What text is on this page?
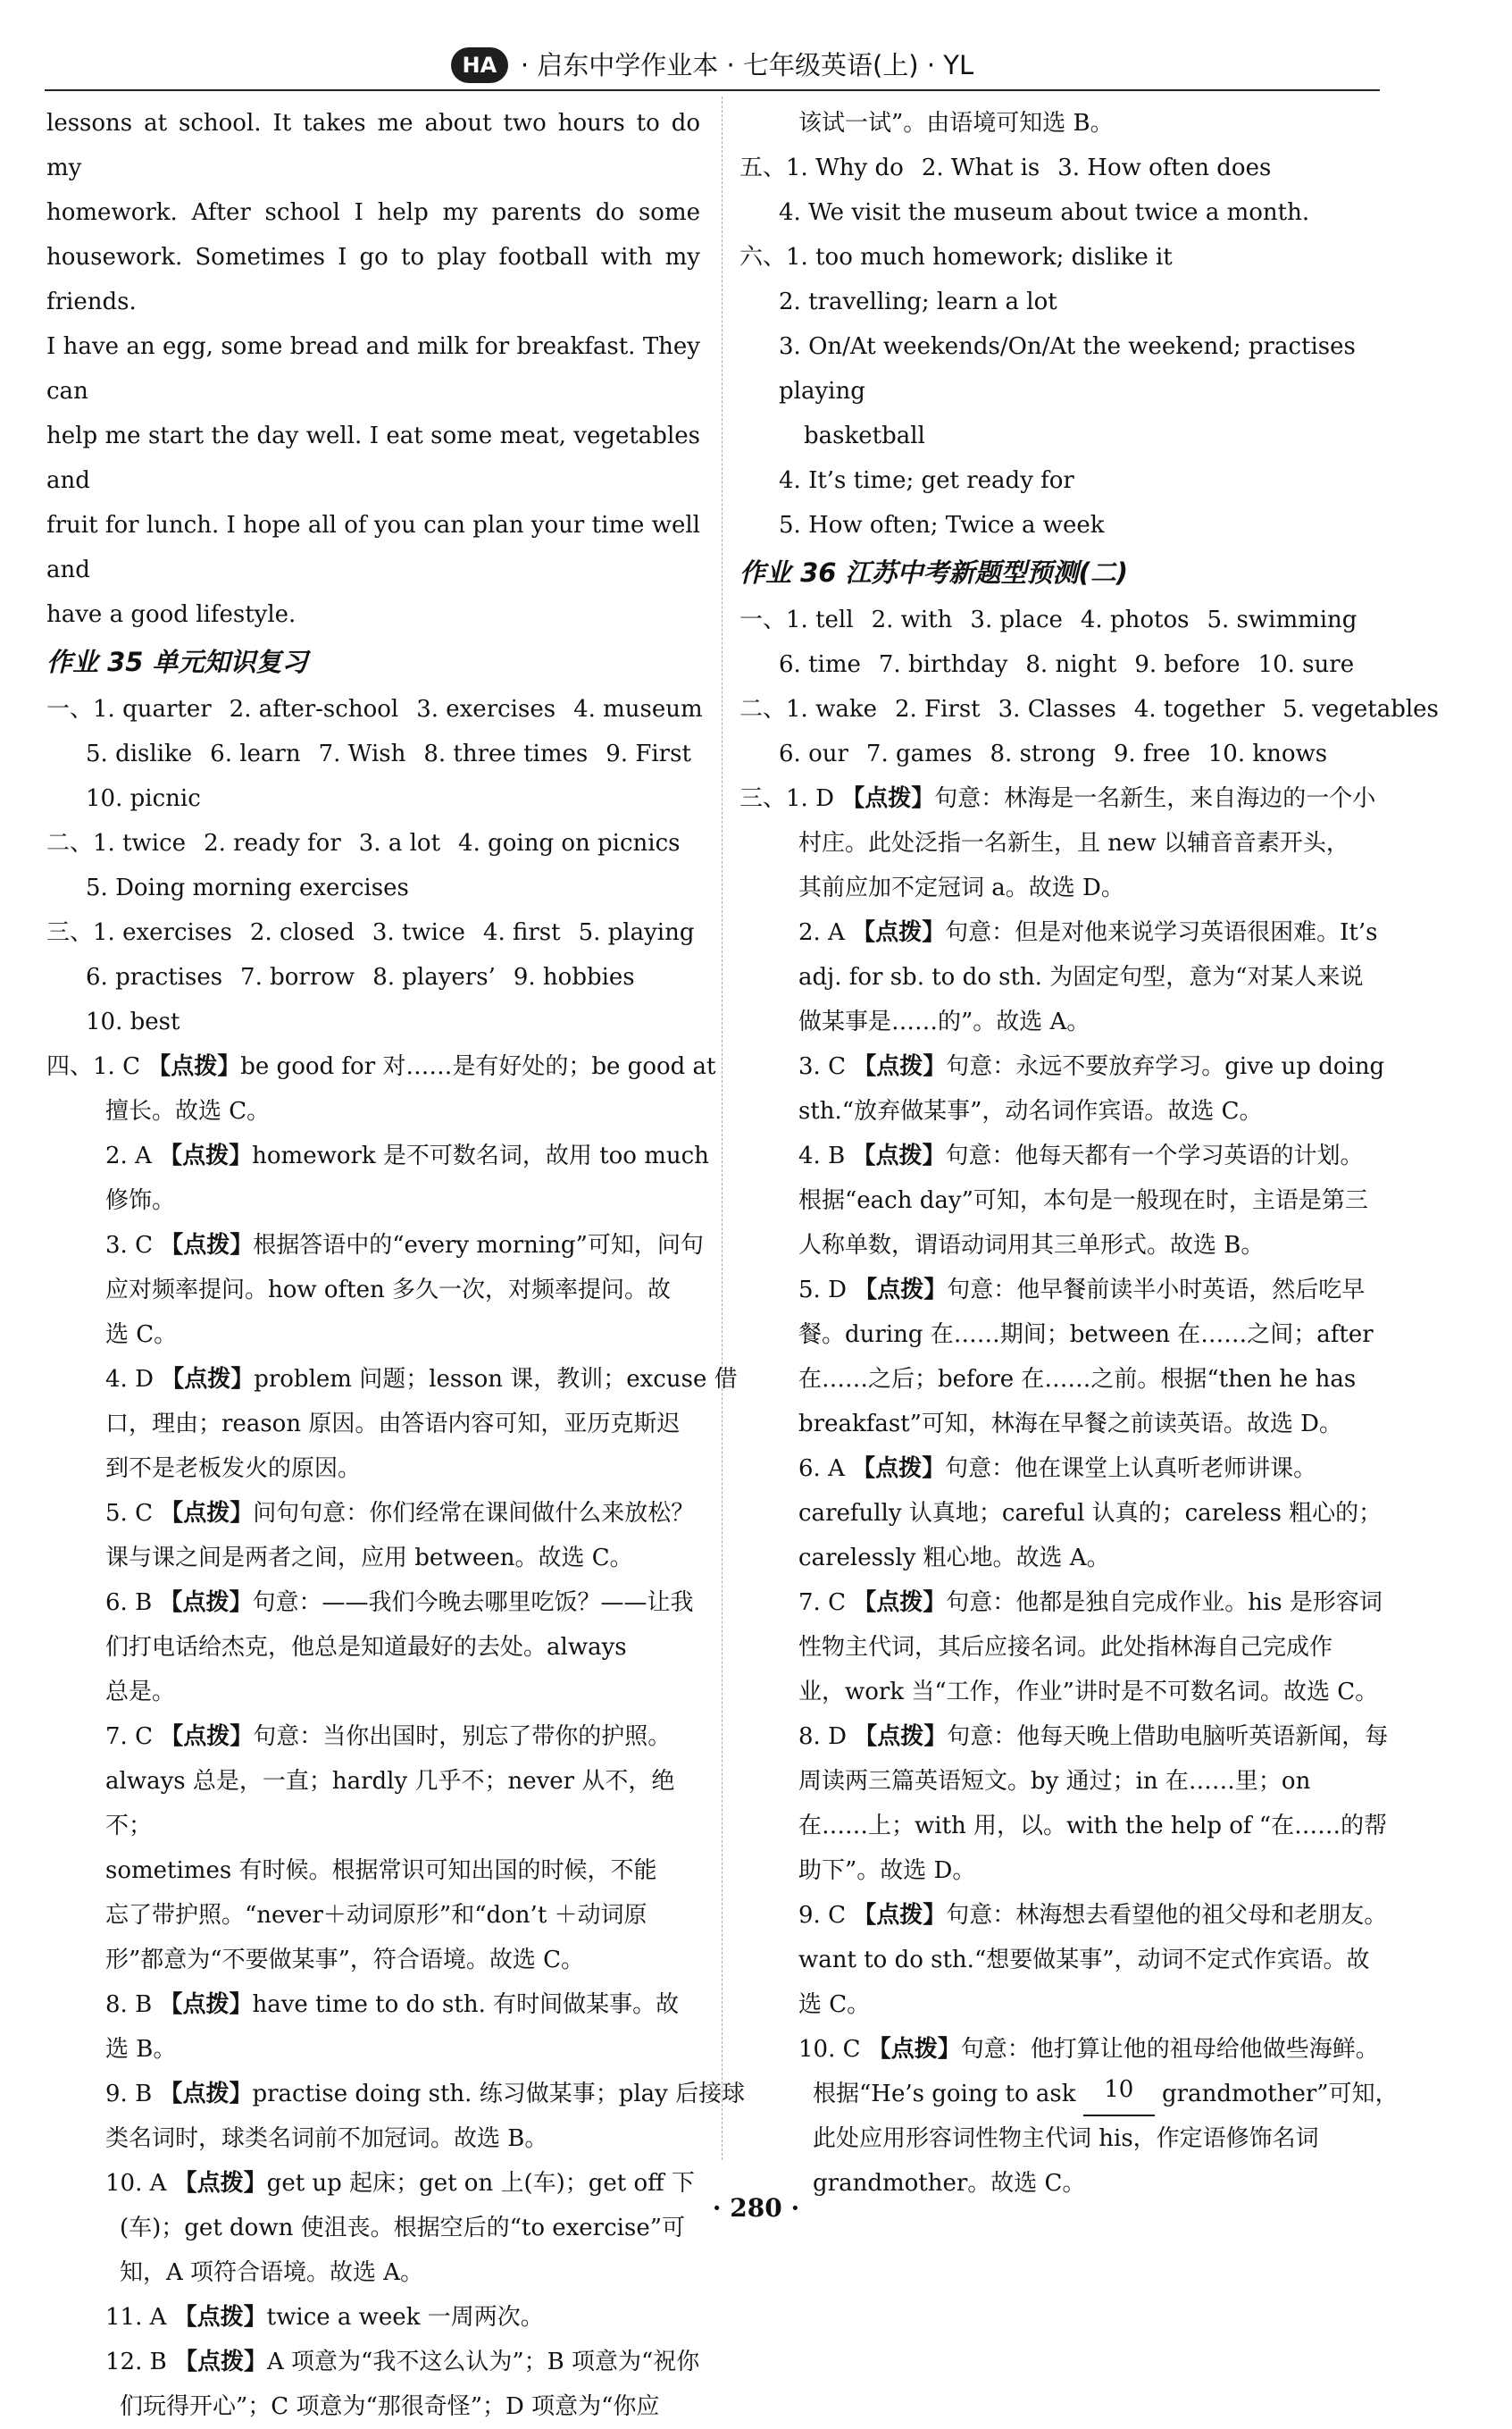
HA · 启东中学作业本 · 七年级英语(上) · YL

lessons at school. It takes me about two hours to do my

homework. After school I help my parents do some

housework. Sometimes I go to play football with my friends.

I have an egg, some bread and milk for breakfast. They can

help me start the day well. I eat some meat, vegetables and

fruit for lunch. I hope all of you can plan your time well and

have a good lifestyle.

作业 35 单元知识复习

一、 1. quarter 2. after-school 3. exercises 4. museum
5. dislike 6. learn 7. Wish 8. three times 9. First
10. picnic
二、 1. twice 2. ready for 3. a lot 4. going on picnics
5. Doing morning exercises
三、 1. exercises 2. closed 3. twice 4. first 5. playing
6. practises 7. borrow 8. players’ 9. hobbies
10. best
四、 1. C
【点拨】 be good for 对……是有好处的；be good at

擅长。故选 C。

2. A
【点拨】 homework 是不可数名词，故用 too much

修饰。

3. C
【点拨】 根据答语中的“every morning”可知，问句

应对频率提问。how often 多久一次，对频率提问。故

选 C。

4. D
【点拨】 problem 问题；lesson 课，教训；excuse 借

口，理由；reason 原因。由答语内容可知，亚历克斯迟

到不是老板发火的原因。

5. C
【点拨】 问句句意：你们经常在课间做什么来放松？

课与课之间是两者之间，应用 between。故选 C。

6. B
【点拨】 句意：——我们今晚去哪里吃饭？——让我

们打电话给杰克，他总是知道最好的去处。always

总是。

7. C
【点拨】 句意：当你出国时，别忘了带你的护照。

always 总是，一直；hardly 几乎不；never 从不，绝不；

sometimes 有时候。根据常识可知出国的时候，不能

忘了带护照。“never＋动词原形”和“don’t ＋动词原

形”都意为“不要做某事”，符合语境。故选 C。

8. B
【点拨】 have time to do sth. 有时间做某事。故

选 B。

9. B
【点拨】 practise doing sth. 练习做某事；play 后接球

类名词时，球类名词前不加冠词。故选 B。

10. A
【点拨】 get up 起床；get on 上(车)；get off 下

(车)；get down 使沮丧。根据空后的“to exercise”可

知，A 项符合语境。故选 A。

11. A
【点拨】 twice a week 一周两次。
12. B
【点拨】 A 项意为“我不这么认为”；B 项意为“祝你

们玩得开心”；C 项意为“那很奇怪”；D 项意为“你应

该试一试”。由语境可知选 B。

五、 1. Why do 2. What is 3. How often does

4. We visit the museum about twice a month.

六、 1. too much homework; dislike it

2. travelling; learn a lot

3. On/At weekends/On/At the weekend; practises playing

basketball

4. It’s time; get ready for

5. How often; Twice a week

作业 36 江苏中考新题型预测(二)

一、 1. tell 2. with 3. place 4. photos 5. swimming
6. time 7. birthday 8. night 9. before 10. sure
二、 1. wake 2. First 3. Classes 4. together 5. vegetables
6. our 7. games 8. strong 9. free 10. knows
三、 1. D
【点拨】 句意：林海是一名新生，来自海边的一个小

村庄。此处泛指一名新生，且 new 以辅音音素开头，

其前应加不定冠词 a。故选 D。

2. A
【点拨】 句意：但是对他来说学习英语很困难。It’s

adj. for sb. to do sth. 为固定句型，意为“对某人来说

做某事是……的”。故选 A。

3. C
【点拨】 句意：永远不要放弃学习。give up doing

sth.“放弃做某事”，动名词作宾语。故选 C。

4. B
【点拨】 句意：他每天都有一个学习英语的计划。

根据“each day”可知，本句是一般现在时，主语是第三

人称单数，谓语动词用其三单形式。故选 B。

5. D
【点拨】 句意：他早餐前读半小时英语，然后吃早

餐。during 在……期间；between 在……之间；after

在……之后；before 在……之前。根据“then he has

breakfast”可知，林海在早餐之前读英语。故选 D。

6. A
【点拨】 句意：他在课堂上认真听老师讲课。

carefully 认真地；careful 认真的；careless 粗心的；

carelessly 粗心地。故选 A。

7. C
【点拨】 句意：他都是独自完成作业。his 是形容词

性物主代词，其后应接名词。此处指林海自己完成作

业，work 当“工作，作业”讲时是不可数名词。故选 C。

8. D
【点拨】 句意：他每天晚上借助电脑听英语新闻，每

周读两三篇英语短文。by 通过；in 在……里；on

在……上；with 用，以。with the help of “在……的帮

助下”。故选 D。

9. C
【点拨】 句意：林海想去看望他的祖父母和老朋友。

want to do sth.“想要做某事”，动词不定式作宾语。故

选 C。

10. C
【点拨】 句意：他打算让他的祖母给他做些海鲜。
根据“He’s going to ask
	10
	grandmother”可知，

此处应用形容词性物主代词 his，作定语修饰名词

grandmother。故选 C。

· 280 ·
